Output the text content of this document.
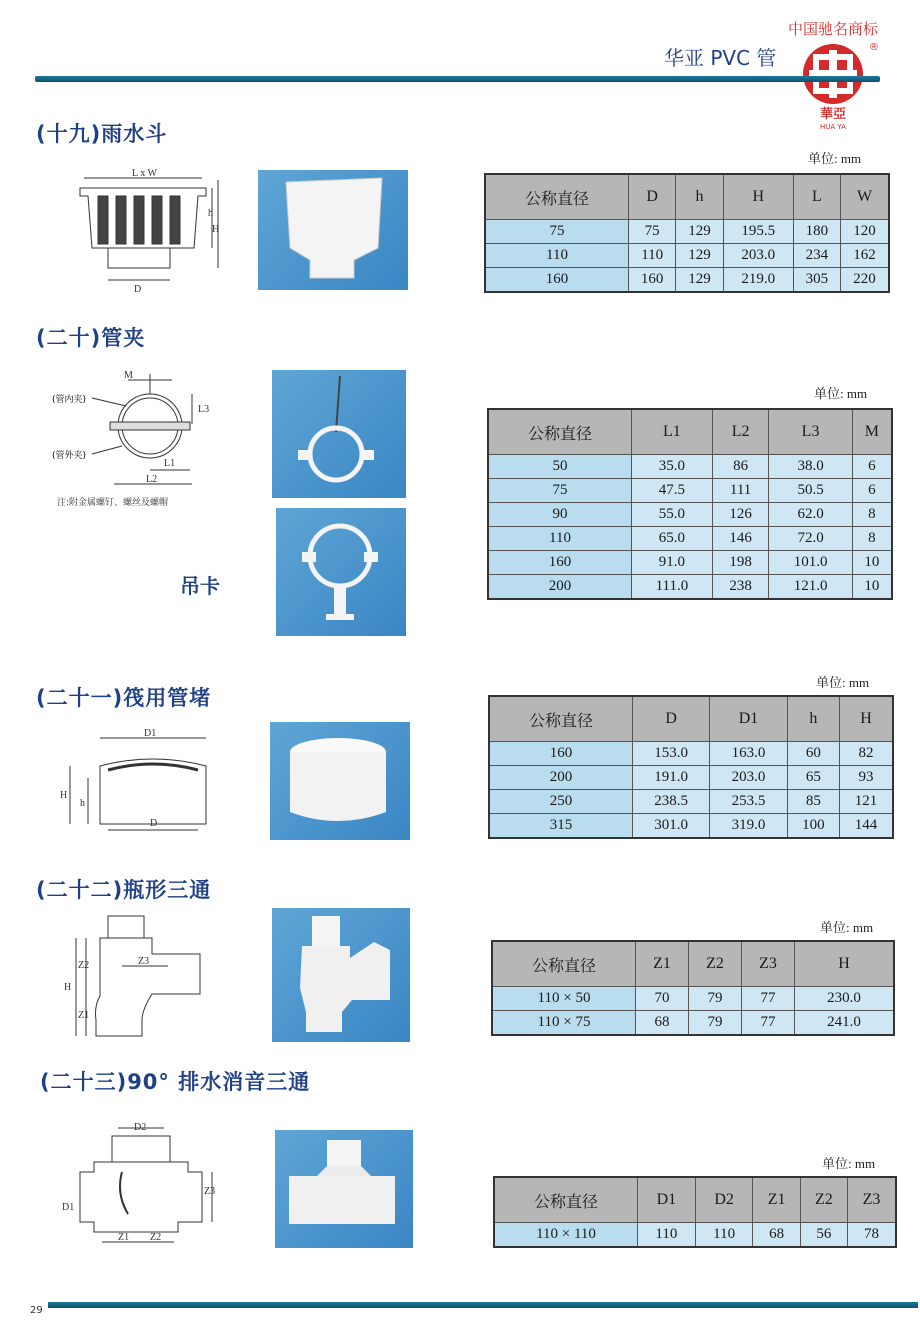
中国驰名商标
华亚 PVC 管
華亞
HUA YA
®
(十九)雨水斗
L x W
h
H
D
单位: mm
公称直径	D	h	H	L	W
75	75	129	195.5	180	120
110	110	129	203.0	234	162
160	160	129	219.0	305	220
(二十)管夹
M
(管内夹)
(管外夹)
L3
L1
L2
注:附金属螺钉、螺丝及螺帽
吊卡
单位: mm
公称直径	L1	L2	L3	M
50	35.0	86	38.0	6
75	47.5	111	50.5	6
90	55.0	126	62.0	8
110	65.0	146	72.0	8
160	91.0	198	101.0	10
200	111.0	238	121.0	10
(二十一)筏用管堵
D1
H
h
D
单位: mm
公称直径	D	D1	h	H
160	153.0	163.0	60	82
200	191.0	203.0	65	93
250	238.5	253.5	85	121
315	301.0	319.0	100	144
(二十二)瓶形三通
Z2	Z3
H
Z1
单位: mm
公称直径	Z1	Z2	Z3	H
110 × 50	70	79	77	230.0
110 × 75	68	79	77	241.0
(二十三)90° 排水消音三通
D2
D1
Z3
Z1 Z2
单位: mm
公称直径	D1	D2	Z1	Z2	Z3
110 × 110	110	110	68	56	78
29
